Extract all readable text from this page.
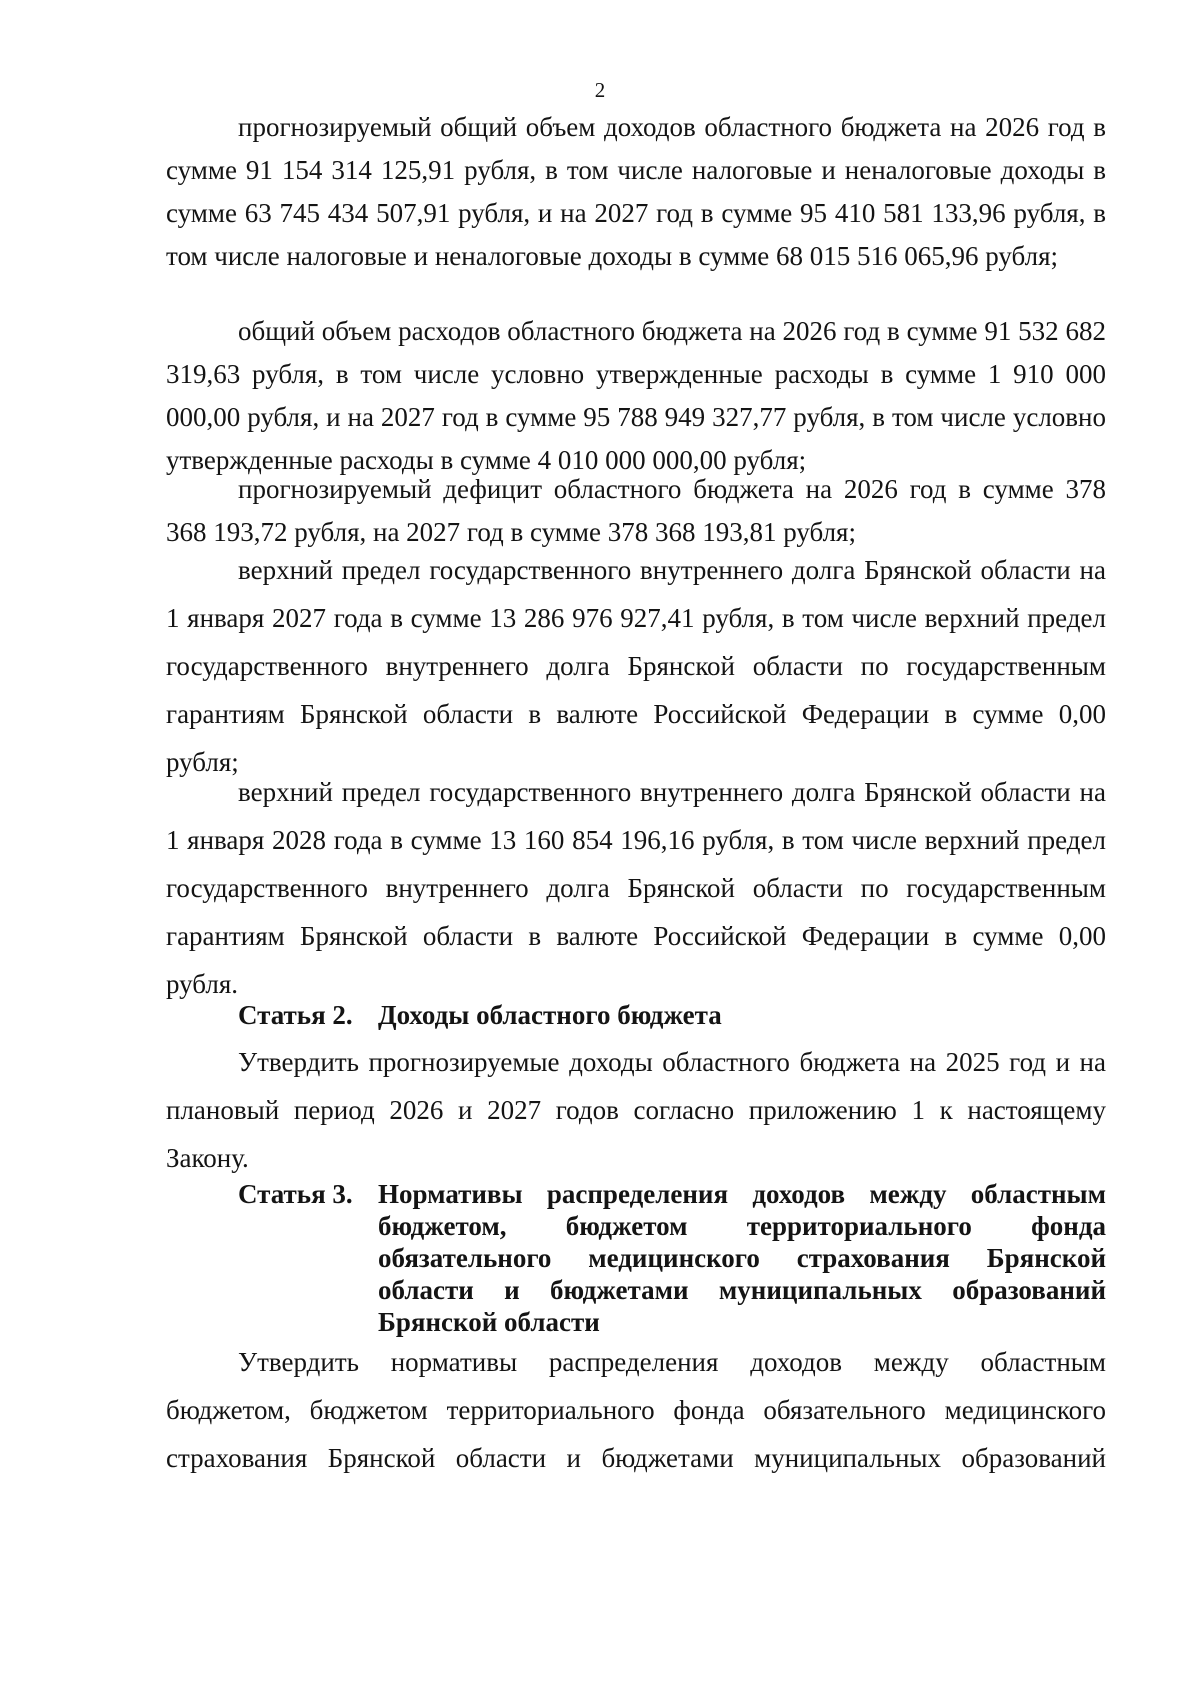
2

прогнозируемый общий объем доходов областного бюджета на 2026 год в сумме 91 154 314 125,91 рубля, в том числе налоговые и неналоговые доходы в сумме 63 745 434 507,91 рубля, и на 2027 год в сумме 95 410 581 133,96 рубля, в том числе налоговые и неналоговые доходы в сумме 68 015 516 065,96 рубля;

общий объем расходов областного бюджета на 2026 год в сумме 91 532 682 319,63 рубля, в том числе условно утвержденные расходы в сумме 1 910 000 000,00 рубля, и на 2027 год в сумме 95 788 949 327,77 рубля, в том числе условно утвержденные расходы в сумме 4 010 000 000,00 рубля;

прогнозируемый дефицит областного бюджета на 2026 год в сумме 378 368 193,72 рубля, на 2027 год в сумме 378 368 193,81 рубля;

верхний предел государственного внутреннего долга Брянской области на 1 января 2027 года в сумме 13 286 976 927,41 рубля, в том числе верхний предел государственного внутреннего долга Брянской области по государственным гарантиям Брянской области в валюте Российской Федерации в сумме 0,00 рубля;

верхний предел государственного внутреннего долга Брянской области на 1 января 2028 года в сумме 13 160 854 196,16 рубля, в том числе верхний предел государственного внутреннего долга Брянской области по государственным гарантиям Брянской области в валюте Российской Федерации в сумме 0,00 рубля.

Статья 2. Доходы областного бюджета

Утвердить прогнозируемые доходы областного бюджета на 2025 год и на плановый период 2026 и 2027 годов согласно приложению 1 к настоящему Закону.

Статья 3. Нормативы распределения доходов между областным бюджетом, бюджетом территориального фонда обязательного медицинского страхования Брянской области и бюджетами муниципальных образований Брянской области

Утвердить нормативы распределения доходов между областным бюджетом, бюджетом территориального фонда обязательного медицинского страхования Брянской области и бюджетами муниципальных образований
